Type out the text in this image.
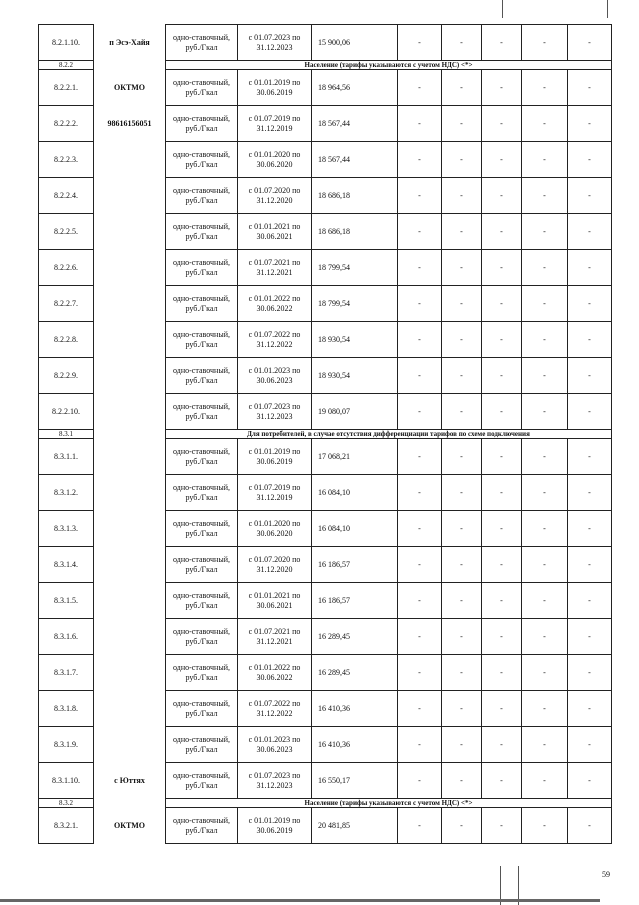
8.2.1.10.	п Эсэ-Хайя	одно-ставочный, руб./Гкал	с 01.07.2023 по 31.12.2023	15 900,06	-	-	-	-	-
8.2.2		Население (тарифы указываются с учетом НДС) <*>							
8.2.2.1.	ОКТМО	одно-ставочный, руб./Гкал	с 01.01.2019 по 30.06.2019	18 964,56	-	-	-	-	-
8.2.2.2.	98616156051	одно-ставочный, руб./Гкал	с 01.07.2019 по 31.12.2019	18 567,44	-	-	-	-	-
8.2.2.3.		одно-ставочный, руб./Гкал	с 01.01.2020 по 30.06.2020	18 567,44	-	-	-	-	-
8.2.2.4.		одно-ставочный, руб./Гкал	с 01.07.2020 по 31.12.2020	18 686,18	-	-	-	-	-
8.2.2.5.		одно-ставочный, руб./Гкал	с 01.01.2021 по 30.06.2021	18 686,18	-	-	-	-	-
8.2.2.6.		одно-ставочный, руб./Гкал	с 01.07.2021 по 31.12.2021	18 799,54	-	-	-	-	-
8.2.2.7.		одно-ставочный, руб./Гкал	с 01.01.2022 по 30.06.2022	18 799,54	-	-	-	-	-
8.2.2.8.		одно-ставочный, руб./Гкал	с 01.07.2022 по 31.12.2022	18 930,54	-	-	-	-	-
8.2.2.9.		одно-ставочный, руб./Гкал	с 01.01.2023 по 30.06.2023	18 930,54	-	-	-	-	-
8.2.2.10.		одно-ставочный, руб./Гкал	с 01.07.2023 по 31.12.2023	19 080,07	-	-	-	-	-
8.3.1		Для потребителей, в случае отсутствия дифференциации тарифов по схеме подключения							
8.3.1.1.		одно-ставочный, руб./Гкал	с 01.01.2019 по 30.06.2019	17 068,21	-	-	-	-	-
8.3.1.2.		одно-ставочный, руб./Гкал	с 01.07.2019 по 31.12.2019	16 084,10	-	-	-	-	-
8.3.1.3.		одно-ставочный, руб./Гкал	с 01.01.2020 по 30.06.2020	16 084,10	-	-	-	-	-
8.3.1.4.		одно-ставочный, руб./Гкал	с 01.07.2020 по 31.12.2020	16 186,57	-	-	-	-	-
8.3.1.5.		одно-ставочный, руб./Гкал	с 01.01.2021 по 30.06.2021	16 186,57	-	-	-	-	-
8.3.1.6.		одно-ставочный, руб./Гкал	с 01.07.2021 по 31.12.2021	16 289,45	-	-	-	-	-
8.3.1.7.		одно-ставочный, руб./Гкал	с 01.01.2022 по 30.06.2022	16 289,45	-	-	-	-	-
8.3.1.8.		одно-ставочный, руб./Гкал	с 01.07.2022 по 31.12.2022	16 410,36	-	-	-	-	-
8.3.1.9.		одно-ставочный, руб./Гкал	с 01.01.2023 по 30.06.2023	16 410,36	-	-	-	-	-
8.3.1.10.	с Юттях	одно-ставочный, руб./Гкал	с 01.07.2023 по 31.12.2023	16 550,17	-	-	-	-	-
8.3.2		Население (тарифы указываются с учетом НДС) <*>							
8.3.2.1.	ОКТМО	одно-ставочный, руб./Гкал	с 01.01.2019 по 30.06.2019	20 481,85	-	-	-	-	-
59
